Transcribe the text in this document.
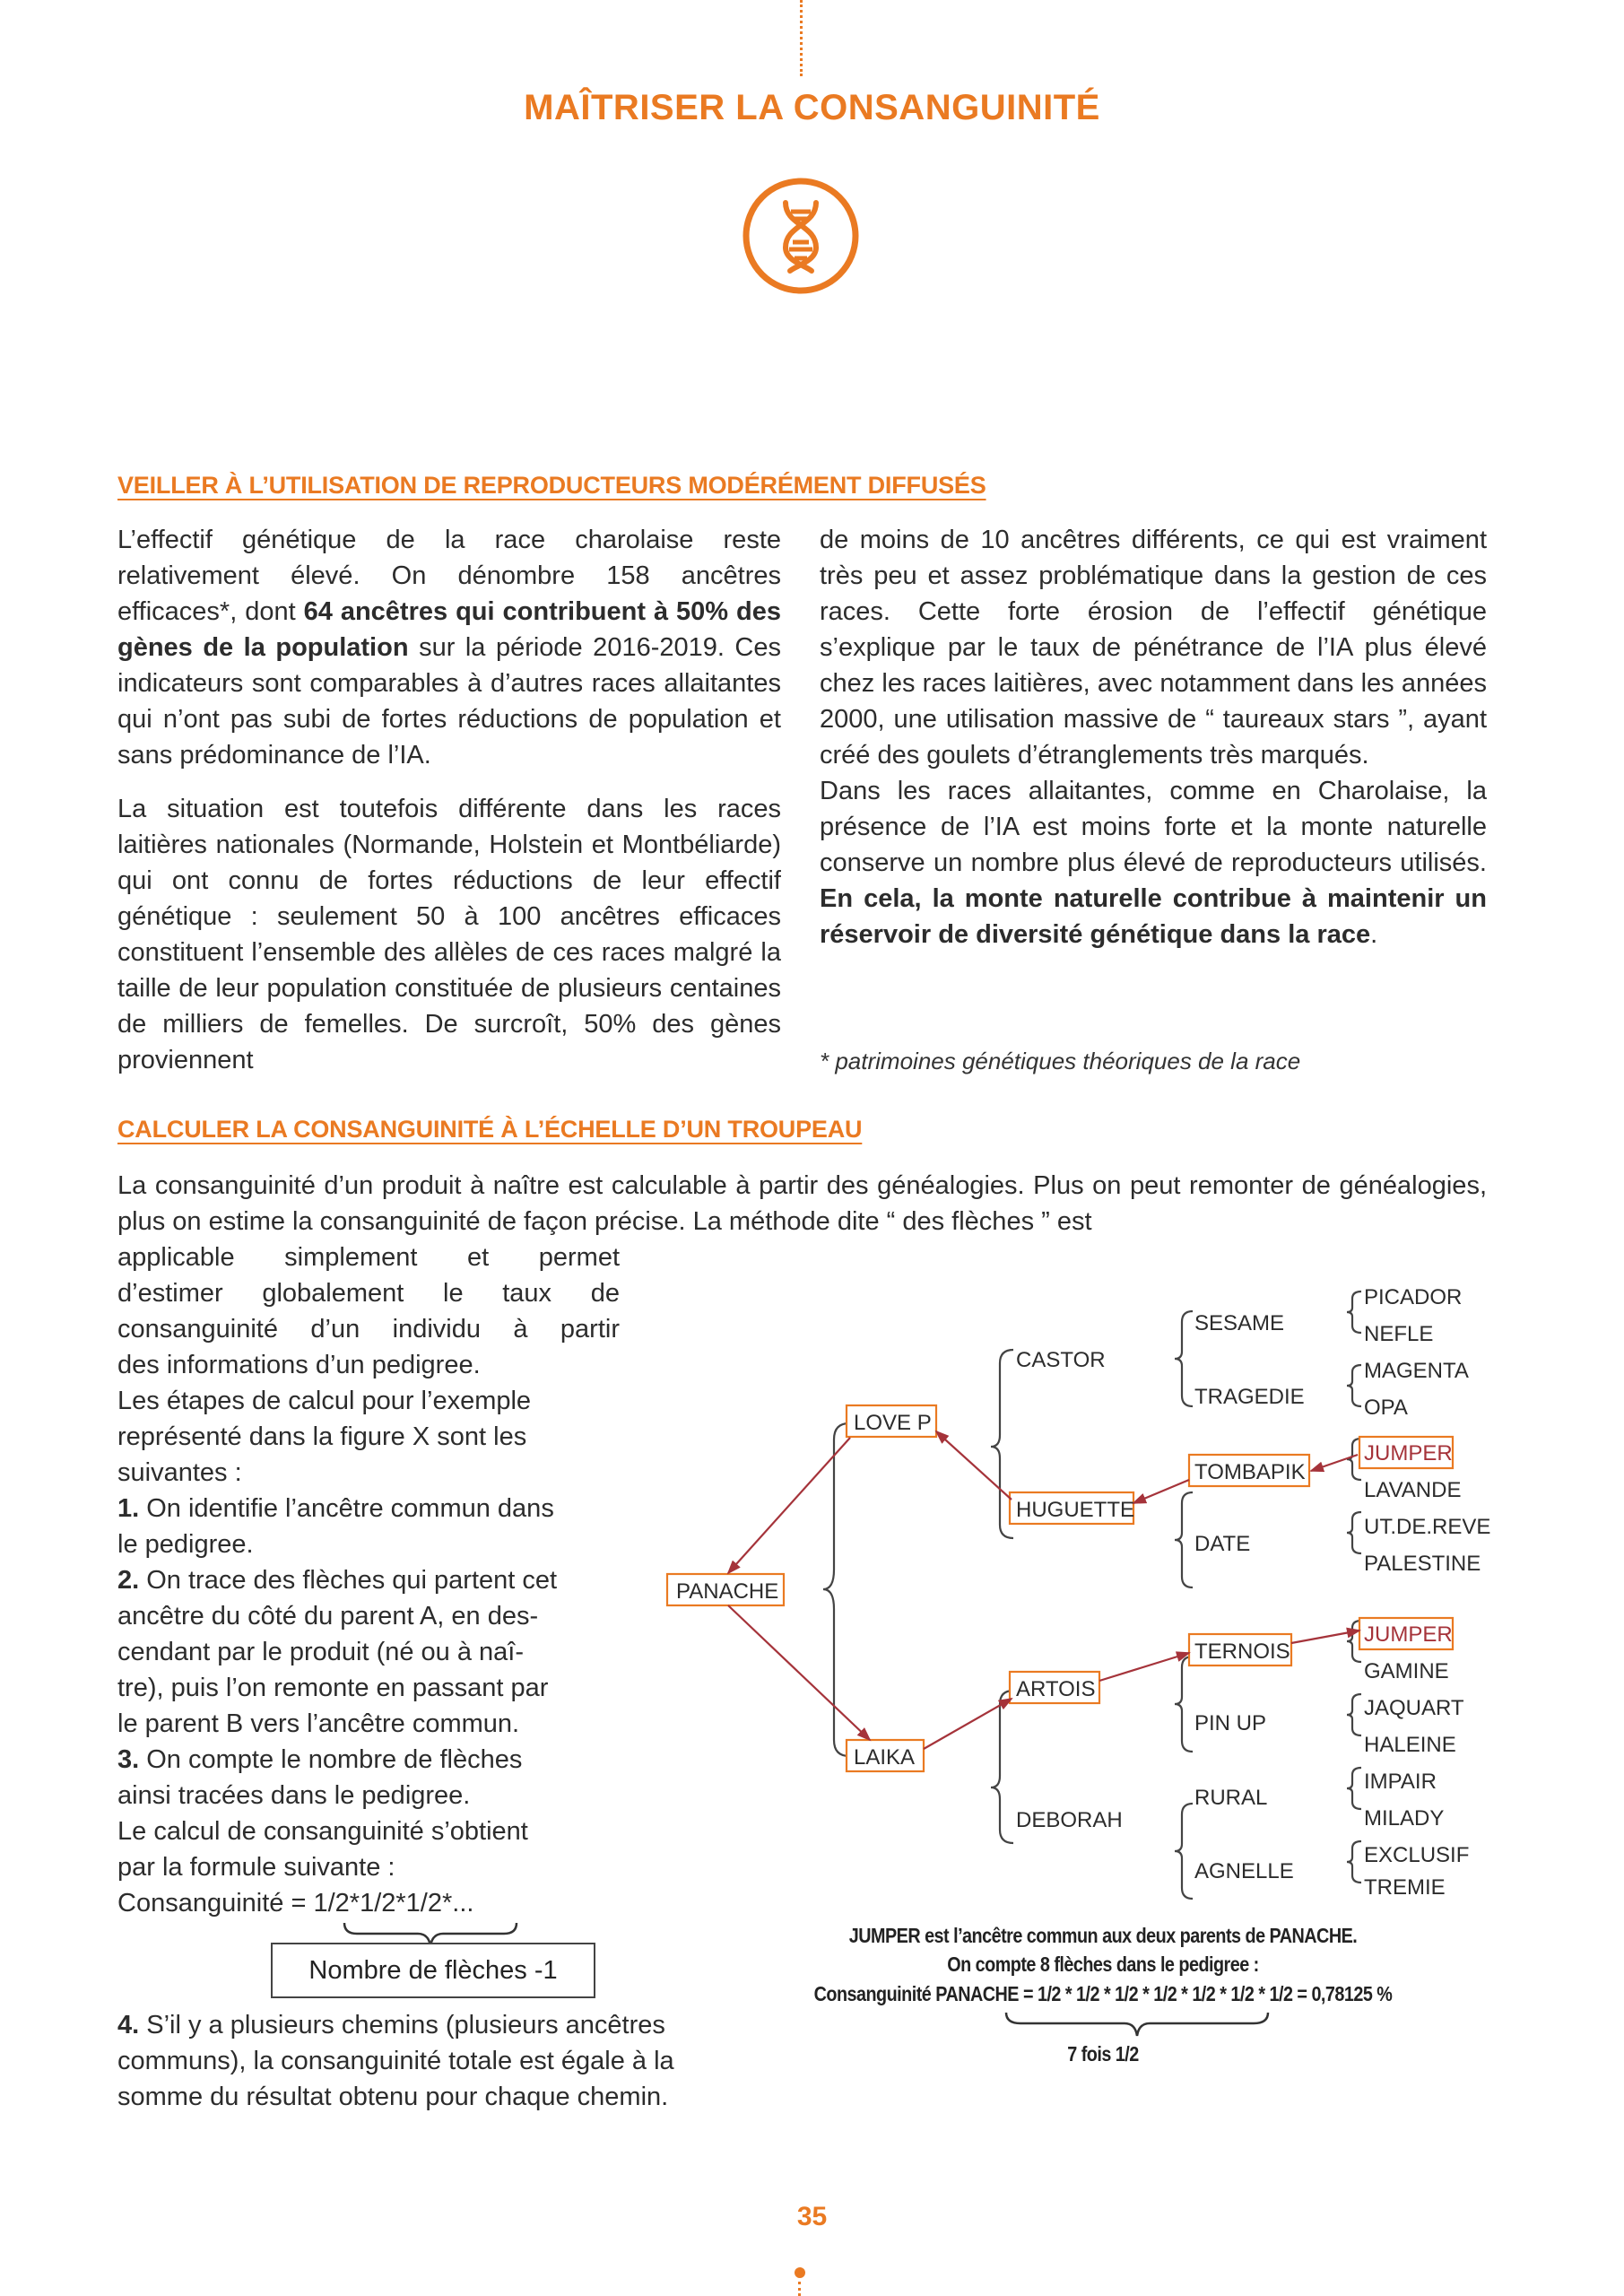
MAÎTRISER LA CONSANGUINITÉ
VEILLER À L’UTILISATION DE REPRODUCTEURS MODÉRÉMENT DIFFUSÉS

L’effectif génétique de la race charolaise reste relativement élevé. On dénombre 158 ancêtres efficaces*, dont 64 ancêtres qui contribuent à 50% des gènes de la population sur la période 2016-2019. Ces indicateurs sont comparables à d’autres races allaitantes qui n’ont pas subi de fortes réductions de population et sans prédominance de l’IA.

La situation est toutefois différente dans les races laitières nationales (Normande, Holstein et Montbéliarde) qui ont connu de fortes réductions de leur effectif génétique : seulement 50 à 100 ancêtres efficaces constituent l’ensemble des allèles de ces races malgré la taille de leur population constituée de plusieurs centaines de milliers de femelles. De surcroît, 50% des gènes proviennent

de moins de 10 ancêtres différents, ce qui est vraiment très peu et assez problématique dans la gestion de ces races. Cette forte érosion de l’effectif génétique s’explique par le taux de pénétrance de l’IA plus élevé chez les races laitières, avec notamment dans les années 2000, une utilisation massive de “ taureaux stars ”, ayant créé des goulets d’étranglements très marqués.

Dans les races allaitantes, comme en Charolaise, la présence de l’IA est moins forte et la monte naturelle conserve un nombre plus élevé de reproducteurs utilisés. En cela, la monte naturelle contribue à maintenir un réservoir de diversité génétique dans la race.

* patrimoines génétiques théoriques de la race
CALCULER LA CONSANGUINITÉ À L’ÉCHELLE D’UN TROUPEAU

La consanguinité d’un produit à naître est calculable à partir des généalogies. Plus on peut remonter de généalogies, plus on estime la consanguinité de façon précise. La méthode dite “ des flèches ” est

applicable simplement et permet

d’estimer globalement le taux de

consanguinité d’un individu à partir

des informations d’un pedigree.

Les étapes de calcul pour l’exemple

représenté dans la figure X sont les

suivantes :

1. On identifie l’ancêtre commun dans

le pedigree.

2. On trace des flèches qui partent cet

ancêtre du côté du parent A, en des-

cendant par le produit (né ou à naî-

tre), puis l’on remonte en passant par

le parent B vers l’ancêtre commun.

3. On compte le nombre de flèches

ainsi tracées dans le pedigree.

Le calcul de consanguinité s’obtient

par la formule suivante :

Consanguinité = 1/2*1/2*1/2*...

Nombre de flèches -1

4. S’il y a plusieurs chemins (plusieurs ancêtres

communs), la consanguinité totale est égale à la

somme du résultat obtenu pour chaque chemin.

PANACHE
LOVE P
LAIKA
CASTOR
HUGUETTE
ARTOIS
DEBORAH
SESAME
TRAGEDIE
TOMBAPIK
DATE
TERNOIS
PIN UP
RURAL
AGNELLE
PICADOR
NEFLE
MAGENTA
OPA
JUMPER
LAVANDE
UT.DE.REVE
PALESTINE
JUMPER
GAMINE
JAQUART
HALEINE
IMPAIR
MILADY
EXCLUSIF
TREMIE
JUMPER est l’ancêtre commun aux deux parents de PANACHE.
On compte 8 flèches dans le pedigree :
Consanguinité PANACHE = 1/2 * 1/2 * 1/2 * 1/2 * 1/2 * 1/2 * 1/2 = 0,78125 %
7 fois 1/2
35
